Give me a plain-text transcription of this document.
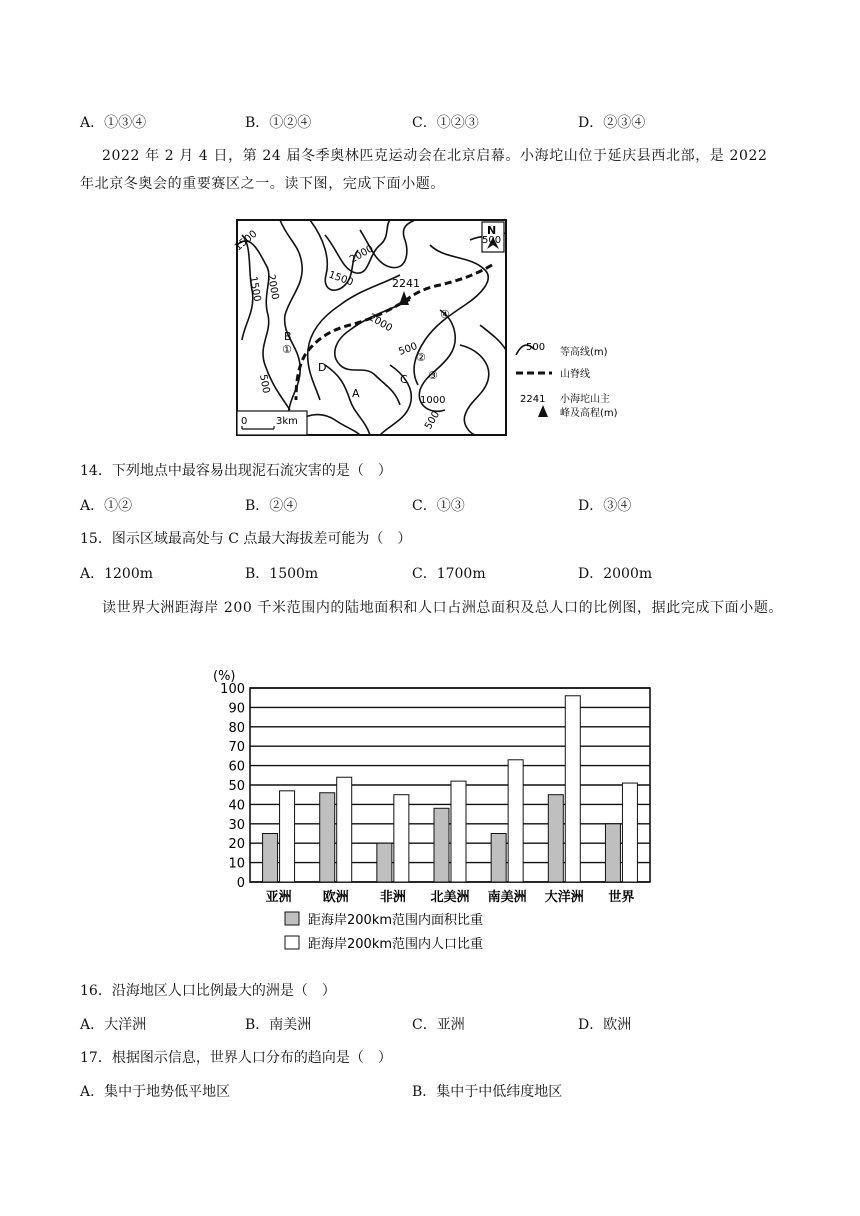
A．①③④	B．①②④	C．①②③	D．②③④
2022 年 2 月 4 日，第 24 届冬季奥林匹克运动会在北京启幕。小海坨山位于延庆县西北部，是 2022 年北京冬奥会的重要赛区之一。读下图，完成下面小题。
N
2241
1500
1500 2000	1500
2000
2000
500
500
1000
500
500
A
B
C
D
①
②
③
④
0	3km
500 等高线(m)
山脊线
2241 小海坨山主
峰及高程(m)
14．下列地点中最容易出现泥石流灾害的是（　）
A．①②	B．②④	C．①③	D．③④
15．图示区域最高处与 C 点最大海拔差可能为（　）
A．1200m	B．1500m	C．1700m	D．2000m
读世界大洲距海岸 200 千米范围内的陆地面积和人口占洲总面积及总人口的比例图，据此完成下面小题。
(%)
0
10
20
30
40
50
60
70
80
90
100
亚洲 欧洲 非洲 北美洲 南美洲 大洋洲 世界
距海岸200km范围内面积比重
距海岸200km范围内人口比重
16．沿海地区人口比例最大的洲是（　）
A．大洋洲	B．南美洲	C．亚洲	D．欧洲
17．根据图示信息，世界人口分布的趋向是（　）
A．集中于地势低平地区	B．集中于中低纬度地区
